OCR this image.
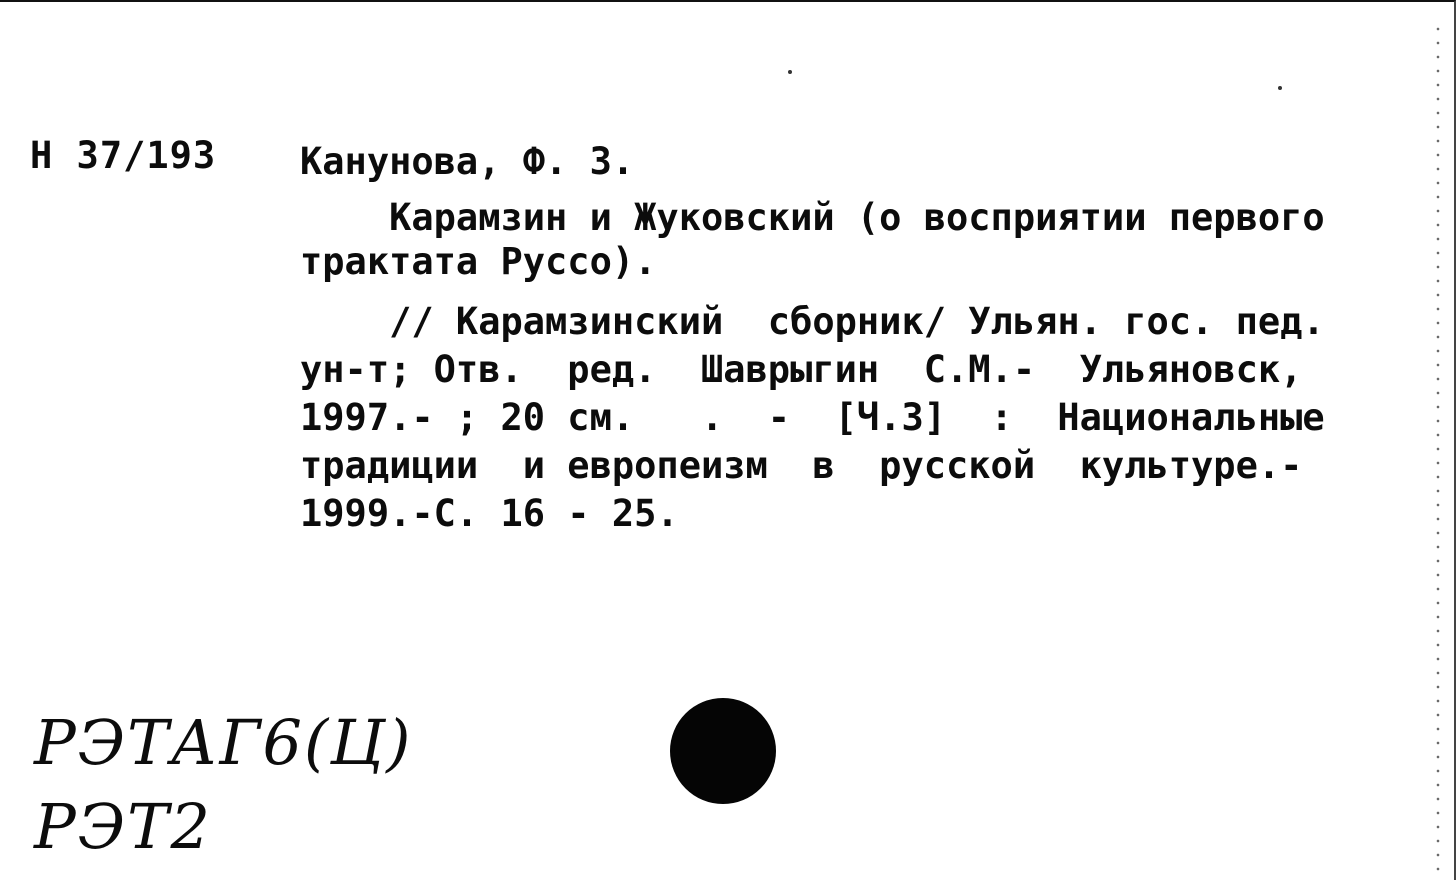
Н 37/193 Канунова, Ф. З.
Карамзин и Жуковский (о восприятии первого
трактата Руссо).
// Карамзинский  сборник/ Ульян. гос. пед.
ун-т; Отв.  ред.  Шаврыгин  С.М.-  Ульяновск,
1997.- ; 20 см.   .  -  [Ч.3]  :  Национальные
традиции  и европеизм  в  русской  культуре.-
1999.-С. 16 - 25.
РЭТАГ6(Ц)
РЭТ2
